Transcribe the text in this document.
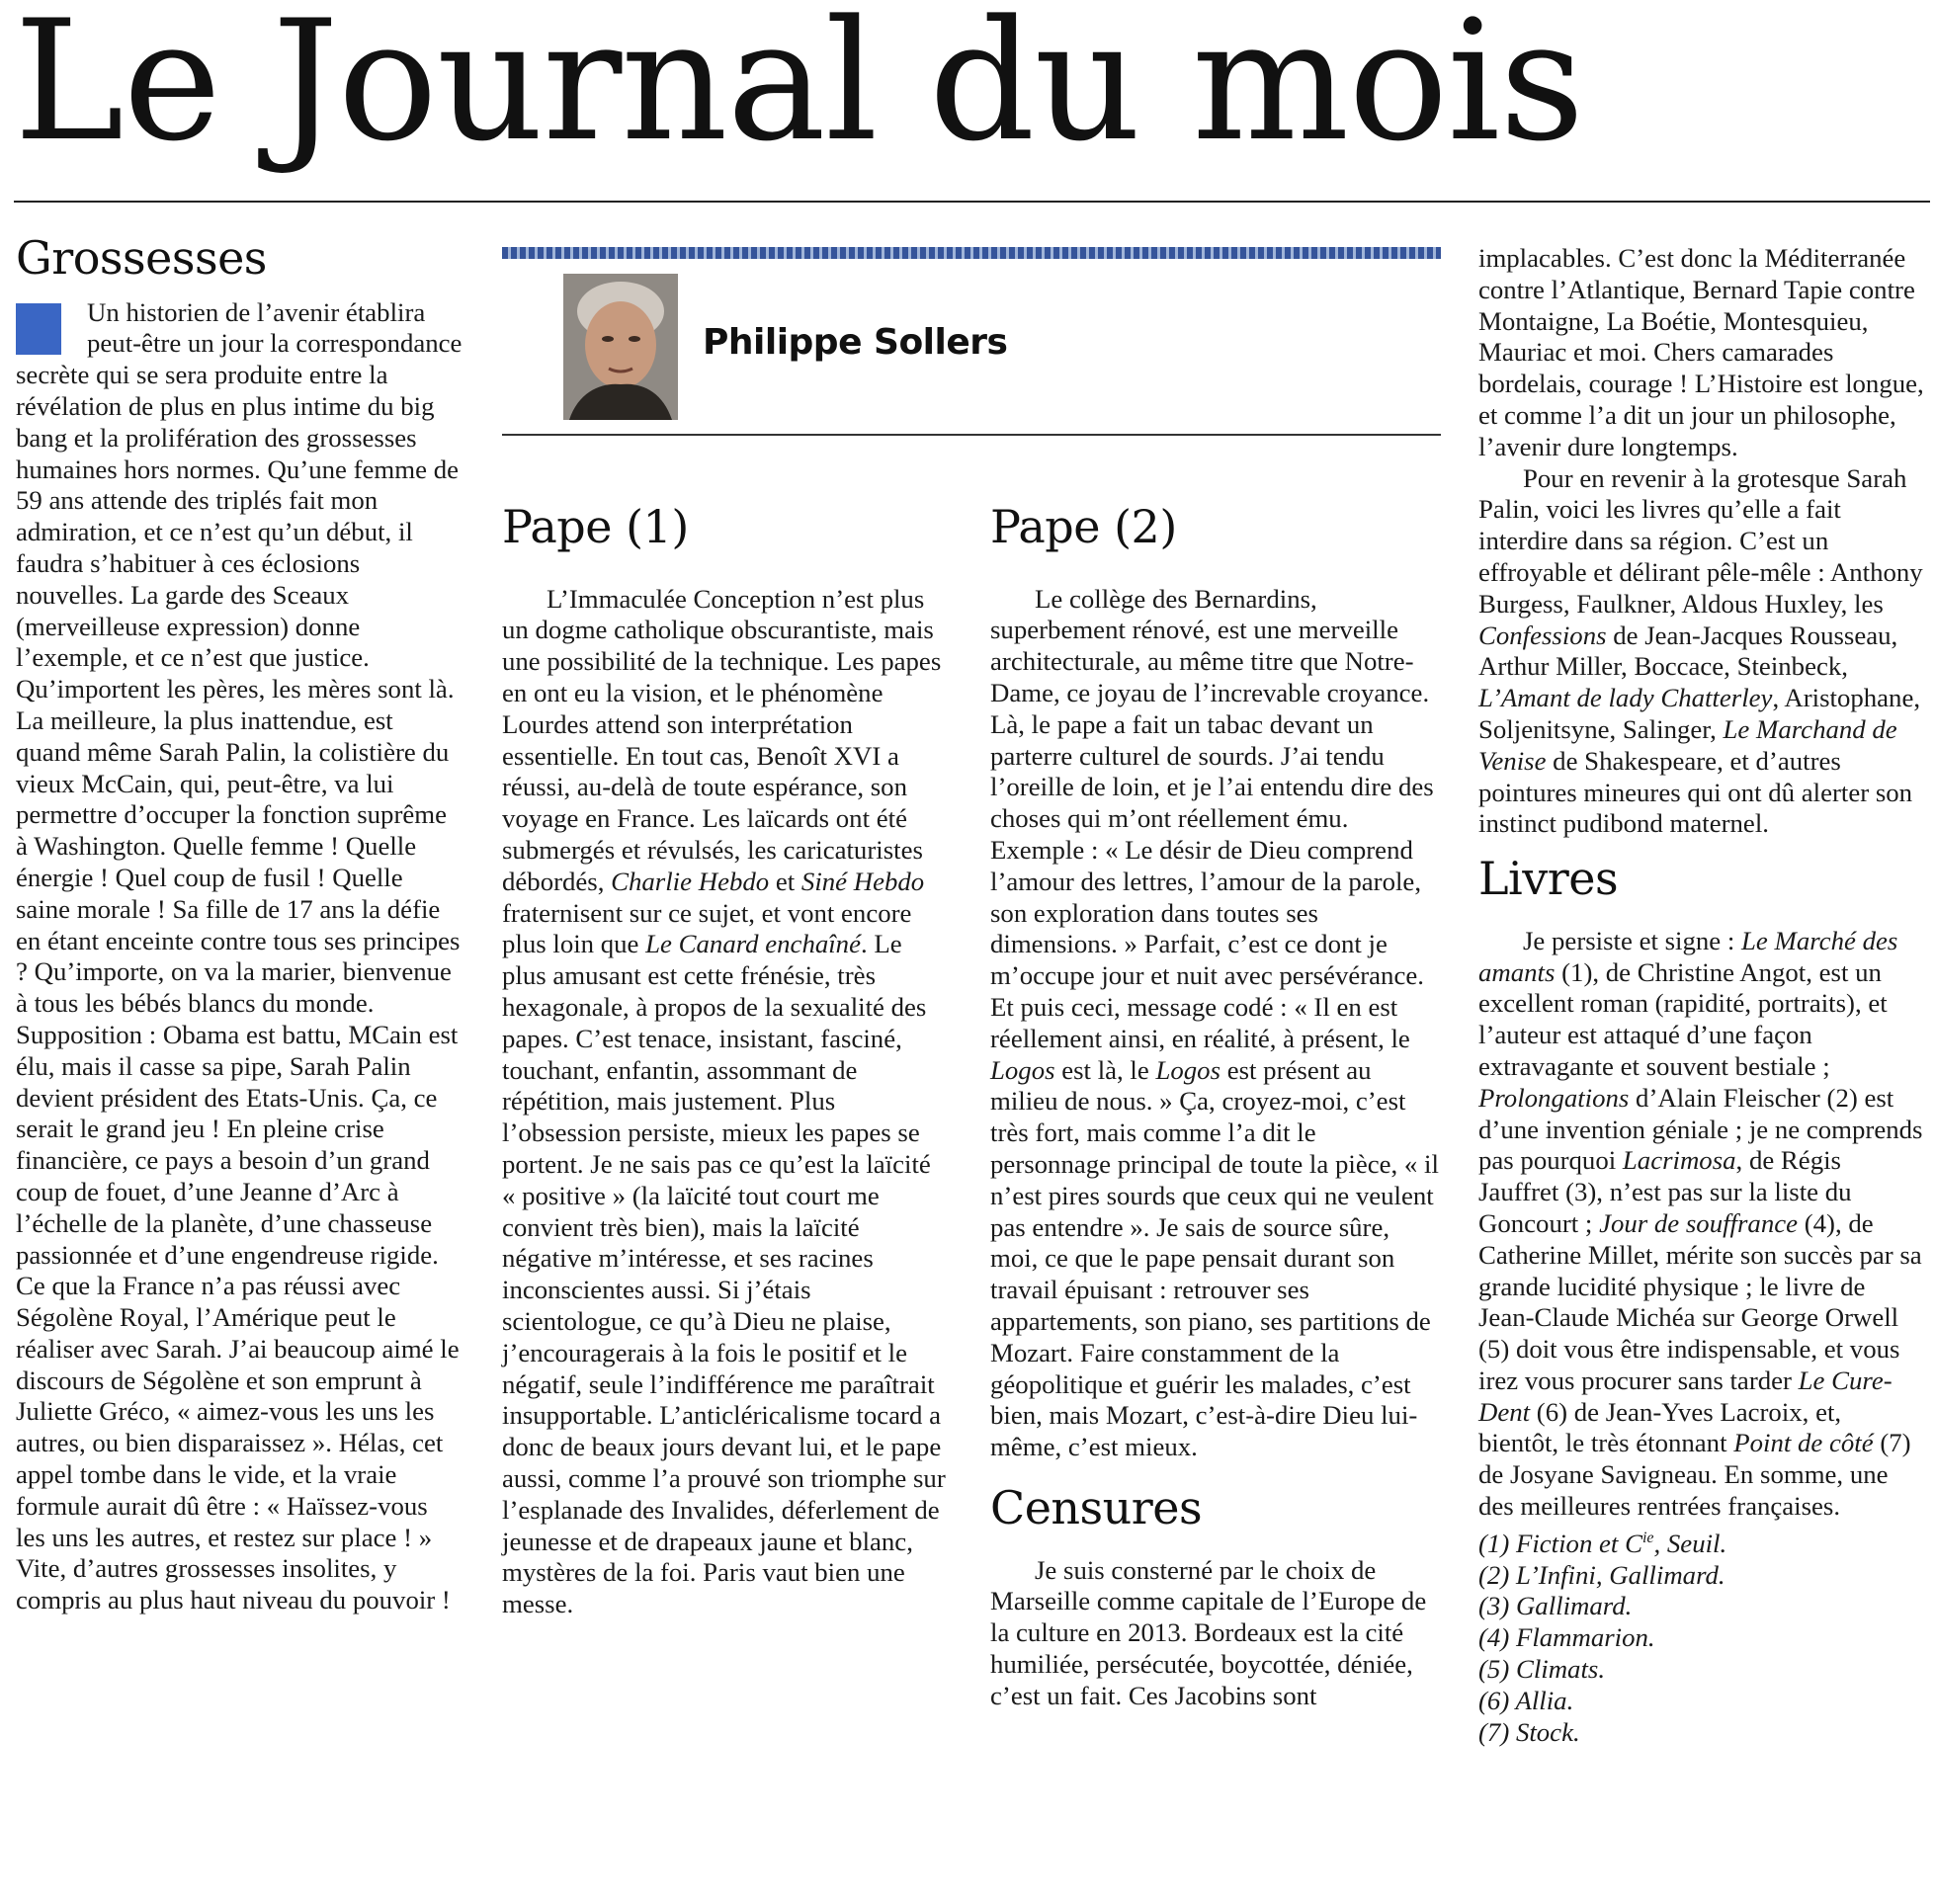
Le Journal du mois
Grossesses

Un historien de l’avenir établira peut-être un jour la correspondance secrète qui se sera produite entre la révélation de plus en plus intime du big bang et la prolifération des grossesses humaines hors normes. Qu’une femme de 59 ans attende des triplés fait mon admiration, et ce n’est qu’un début, il faudra s’habituer à ces éclosions nouvelles. La garde des Sceaux (merveilleuse expression) donne l’exemple, et ce n’est que justice. Qu’importent les pères, les mères sont là. La meilleure, la plus inattendue, est quand même Sarah Palin, la colistière du vieux McCain, qui, peut-être, va lui permettre d’occuper la fonction suprême à Washington. Quelle femme ! Quelle énergie ! Quel coup de fusil ! Quelle saine morale ! Sa fille de 17 ans la défie en étant enceinte contre tous ses principes ? Qu’importe, on va la marier, bienvenue à tous les bébés blancs du monde. Supposition : Obama est battu, MCain est élu, mais il casse sa pipe, Sarah Palin devient président des Etats-Unis. Ça, ce serait le grand jeu ! En pleine crise financière, ce pays a besoin d’un grand coup de fouet, d’une Jeanne d’Arc à l’échelle de la planète, d’une chasseuse passionnée et d’une engendreuse rigide. Ce que la France n’a pas réussi avec Ségolène Royal, l’Amérique peut le réaliser avec Sarah. J’ai beaucoup aimé le discours de Ségolène et son emprunt à Juliette Gréco, « aimez-vous les uns les autres, ou bien disparaissez ». Hélas, cet appel tombe dans le vide, et la vraie formule aurait dû être : « Haïssez-vous les uns les autres, et restez sur place ! » Vite, d’autres grossesses insolites, y compris au plus haut niveau du pouvoir !

Philippe Sollers
Pape (1)

L’Immaculée Conception n’est plus un dogme catholique obscurantiste, mais une possibilité de la technique. Les papes en ont eu la vision, et le phénomène Lourdes attend son interprétation essentielle. En tout cas, Benoît XVI a réussi, au-delà de toute espérance, son voyage en France. Les laïcards ont été submergés et révulsés, les caricaturistes débordés, Charlie Hebdo et Siné Hebdo fraternisent sur ce sujet, et vont encore plus loin que Le Canard enchaîné. Le plus amusant est cette frénésie, très hexagonale, à propos de la sexualité des papes. C’est tenace, insistant, fasciné, touchant, enfantin, assommant de répétition, mais justement. Plus l’obsession persiste, mieux les papes se portent. Je ne sais pas ce qu’est la laïcité « positive » (la laïcité tout court me convient très bien), mais la laïcité négative m’intéresse, et ses racines inconscientes aussi. Si j’étais scientologue, ce qu’à Dieu ne plaise, j’encouragerais à la fois le positif et le négatif, seule l’indifférence me paraîtrait insupportable. L’anticléricalisme tocard a donc de beaux jours devant lui, et le pape aussi, comme l’a prouvé son triomphe sur l’esplanade des Invalides, déferlement de jeunesse et de drapeaux jaune et blanc, mystères de la foi. Paris vaut bien une messe.

Pape (2)

Le collège des Bernardins, superbement rénové, est une merveille architecturale, au même titre que Notre-Dame, ce joyau de l’increvable croyance. Là, le pape a fait un tabac devant un parterre culturel de sourds. J’ai tendu l’oreille de loin, et je l’ai entendu dire des choses qui m’ont réellement ému. Exemple : « Le désir de Dieu comprend l’amour des lettres, l’amour de la parole, son exploration dans toutes ses dimensions. » Parfait, c’est ce dont je m’occupe jour et nuit avec persévérance. Et puis ceci, message codé : « Il en est réellement ainsi, en réalité, à présent, le Logos est là, le Logos est présent au milieu de nous. » Ça, croyez-moi, c’est très fort, mais comme l’a dit le personnage principal de toute la pièce, « il n’est pires sourds que ceux qui ne veulent pas entendre ». Je sais de source sûre, moi, ce que le pape pensait durant son travail épuisant : retrouver ses appartements, son piano, ses partitions de Mozart. Faire constamment de la géopolitique et guérir les malades, c’est bien, mais Mozart, c’est-à-dire Dieu lui-même, c’est mieux.

Censures

Je suis consterné par le choix de Marseille comme capitale de l’Europe de la culture en 2013. Bordeaux est la cité humiliée, persécutée, boycottée, déniée, c’est un fait. Ces Jacobins sont

implacables. C’est donc la Méditerranée contre l’Atlantique, Bernard Tapie contre Montaigne, La Boétie, Montesquieu, Mauriac et moi. Chers camarades bordelais, courage ! L’Histoire est longue, et comme l’a dit un jour un philosophe, l’avenir dure longtemps.

Pour en revenir à la grotesque Sarah Palin, voici les livres qu’elle a fait interdire dans sa région. C’est un effroyable et délirant pêle-mêle : Anthony Burgess, Faulkner, Aldous Huxley, les Confessions de Jean-Jacques Rousseau, Arthur Miller, Boccace, Steinbeck, L’Amant de lady Chatterley, Aristophane, Soljenitsyne, Salinger, Le Marchand de Venise de Shakespeare, et d’autres pointures mineures qui ont dû alerter son instinct pudibond maternel.

Livres

Je persiste et signe : Le Marché des amants (1), de Christine Angot, est un excellent roman (rapidité, portraits), et l’auteur est attaqué d’une façon extravagante et souvent bestiale ; Prolongations d’Alain Fleischer (2) est d’une invention géniale ; je ne comprends pas pourquoi Lacrimosa, de Régis Jauffret (3), n’est pas sur la liste du Goncourt ; Jour de souffrance (4), de Catherine Millet, mérite son succès par sa grande lucidité physique ; le livre de Jean-Claude Michéa sur George Orwell (5) doit vous être indispensable, et vous irez vous procurer sans tarder Le Cure-Dent (6) de Jean-Yves Lacroix, et, bientôt, le très étonnant Point de côté (7) de Josyane Savigneau. En somme, une des meilleures rentrées françaises.

(1) Fiction et $C^{ie}$, Seuil.

(2) L’Infini, Gallimard.

(3) Gallimard.

(4) Flammarion.

(5) Climats.

(6) Allia.

(7) Stock.
